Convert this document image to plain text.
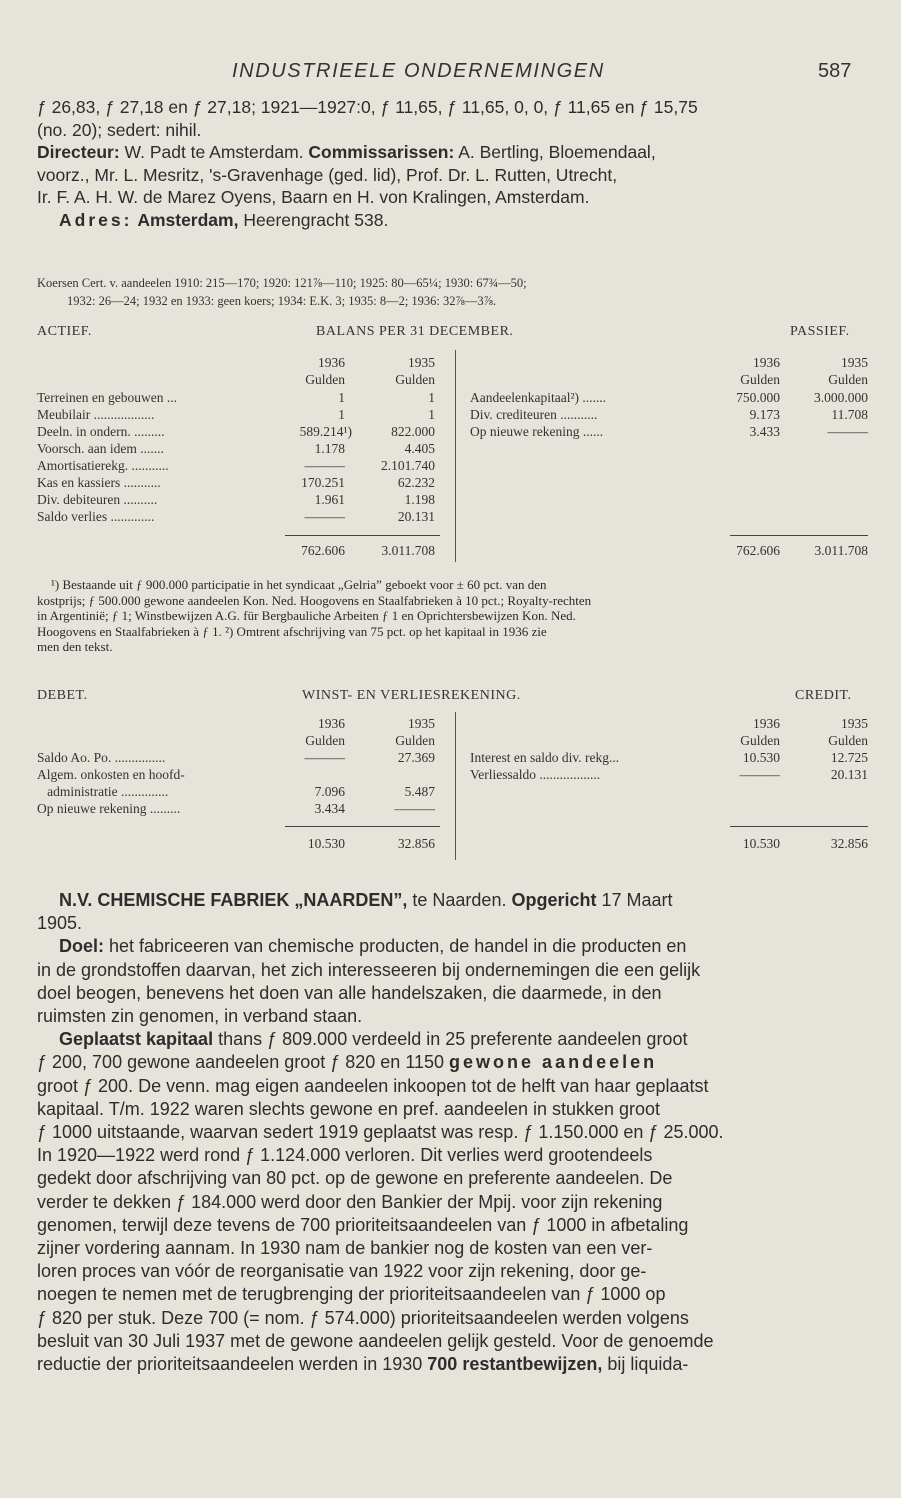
INDUSTRIEELE ONDERNEMINGEN	587
ƒ 26,83, ƒ 27,18 en ƒ 27,18; 1921—1927:0, ƒ 11,65, ƒ 11,65, 0, 0, ƒ 11,65 en ƒ 15,75
(no. 20); sedert: nihil.
Directeur: W. Padt te Amsterdam. Commissarissen: A. Bertling, Bloemendaal,
voorz., Mr. L. Mesritz, 's-Gravenhage (ged. lid), Prof. Dr. L. Rutten, Utrecht,
Ir. F. A. H. W. de Marez Oyens, Baarn en H. von Kralingen, Amsterdam.
Adres: Amsterdam, Heerengracht 538.
Koersen Cert. v. aandeelen 1910: 215—170; 1920: 121⅞—110; 1925: 80—65¼; 1930: 67¾—50;
1932: 26—24; 1932 en 1933: geen koers; 1934: E.K. 3; 1935: 8—2; 1936: 32⅞—3⅞.
ACTIEF.	BALANS PER 31 DECEMBER.	PASSIEF.
1936	1935
Gulden	Gulden
1936	1935
Gulden	Gulden
Terreinen en gebouwen ...	1	1
Meubilair ..................	1	1
Deeln. in ondern. .........	589.214¹)	822.000
Voorsch. aan idem .......	1.178	4.405
Amortisatierekg. ...........	———	2.101.740
Kas en kassiers ...........	170.251	62.232
Div. debiteuren ..........	1.961	1.198
Saldo verlies .............	———	20.131
762.606	3.011.708
Aandeelenkapitaal²) .......	750.000	3.000.000
Div. crediteuren ...........	9.173	11.708
Op nieuwe rekening ......	3.433	———
762.606	3.011.708
¹) Bestaande uit ƒ 900.000 participatie in het syndicaat „Gelria” geboekt voor ± 60 pct. van den
kostprijs; ƒ 500.000 gewone aandeelen Kon. Ned. Hoogovens en Staalfabrieken à 10 pct.; Royalty-rechten
in Argentinië; ƒ 1; Winstbewijzen A.G. für Bergbauliche Arbeiten ƒ 1 en Oprichtersbewijzen Kon. Ned.
Hoogovens en Staalfabrieken à ƒ 1. ²) Omtrent afschrijving van 75 pct. op het kapitaal in 1936 zie
men den tekst.
DEBET.	WINST- EN VERLIESREKENING.	CREDIT.
1936	1935
Gulden	Gulden
1936	1935
Gulden	Gulden
Saldo Ao. Po. ...............	———	27.369
Algem. onkosten en hoofd-
administratie ..............	7.096	5.487
Op nieuwe rekening .........	3.434	———
10.530	32.856
Interest en saldo div. rekg...	10.530	12.725
Verliessaldo ..................	———	20.131
10.530	32.856
N.V. CHEMISCHE FABRIEK „NAARDEN”, te Naarden. Opgericht 17 Maart
1905.
Doel: het fabriceeren van chemische producten, de handel in die producten en
in de grondstoffen daarvan, het zich interesseeren bij ondernemingen die een gelijk
doel beogen, benevens het doen van alle handelszaken, die daarmede, in den
ruimsten zin genomen, in verband staan.
Geplaatst kapitaal thans ƒ 809.000 verdeeld in 25 preferente aandeelen groot
ƒ 200, 700 gewone aandeelen groot ƒ 820 en 1150 gewone aandeelen
groot ƒ 200. De venn. mag eigen aandeelen inkoopen tot de helft van haar geplaatst
kapitaal. T/m. 1922 waren slechts gewone en pref. aandeelen in stukken groot
ƒ 1000 uitstaande, waarvan sedert 1919 geplaatst was resp. ƒ 1.150.000 en ƒ 25.000.
In 1920—1922 werd rond ƒ 1.124.000 verloren. Dit verlies werd grootendeels
gedekt door afschrijving van 80 pct. op de gewone en preferente aandeelen. De
verder te dekken ƒ 184.000 werd door den Bankier der Mpij. voor zijn rekening
genomen, terwijl deze tevens de 700 prioriteitsaandeelen van ƒ 1000 in afbetaling
zijner vordering aannam. In 1930 nam de bankier nog de kosten van een ver-
loren proces van vóór de reorganisatie van 1922 voor zijn rekening, door ge-
noegen te nemen met de terugbrenging der prioriteitsaandeelen van ƒ 1000 op
ƒ 820 per stuk. Deze 700 (= nom. ƒ 574.000) prioriteitsaandeelen werden volgens
besluit van 30 Juli 1937 met de gewone aandeelen gelijk gesteld. Voor de genoemde
reductie der prioriteitsaandeelen werden in 1930 700 restantbewijzen, bij liquida-
